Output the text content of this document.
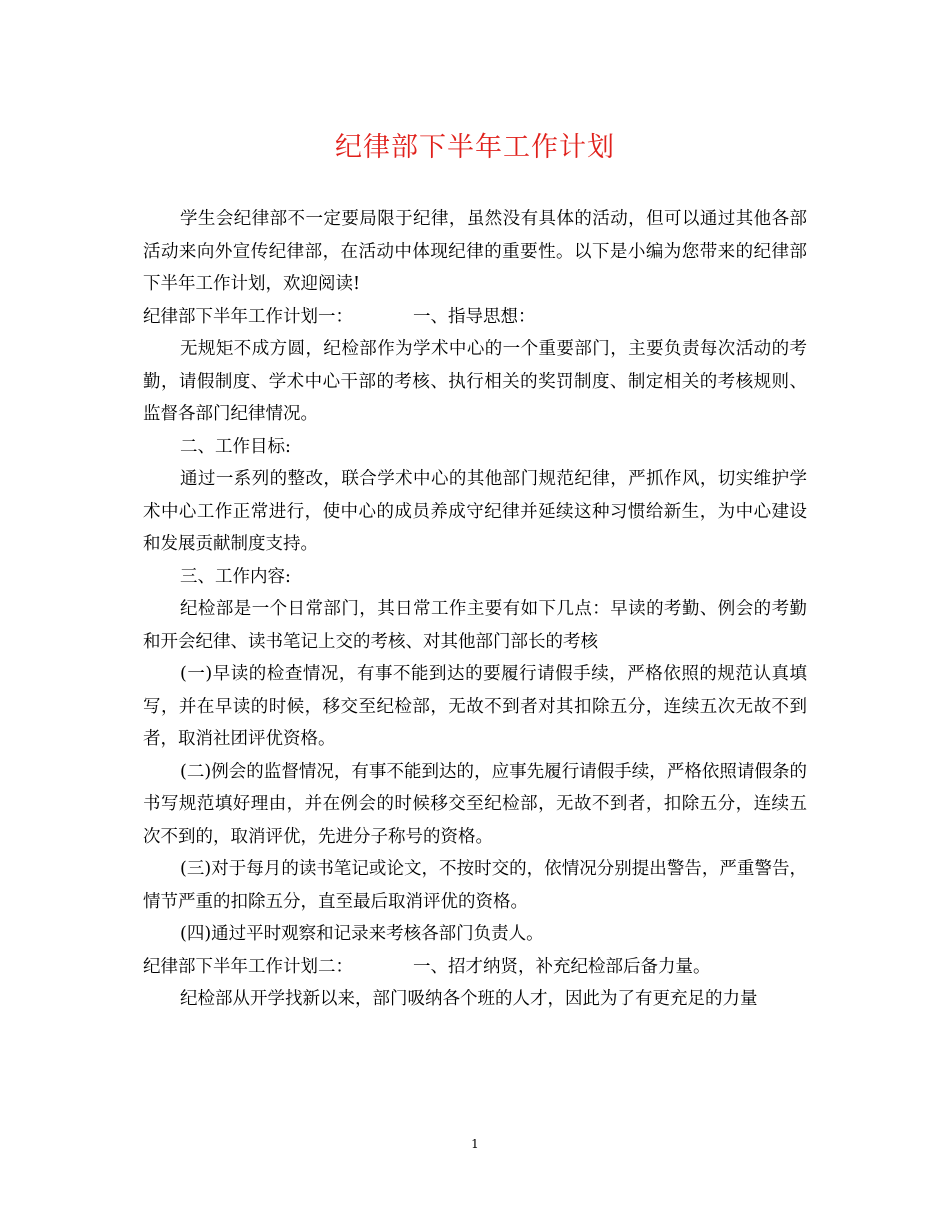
纪律部下半年工作计划

学生会纪律部不一定要局限于纪律，虽然没有具体的活动，但可以通过其他各部活动来向外宣传纪律部，在活动中体现纪律的重要性。以下是小编为您带来的纪律部下半年工作计划，欢迎阅读!

纪律部下半年工作计划一：	一、指导思想：

无规矩不成方圆，纪检部作为学术中心的一个重要部门，主要负责每次活动的考勤，请假制度、学术中心干部的考核、执行相关的奖罚制度、制定相关的考核规则、监督各部门纪律情况。

二、工作目标:

通过一系列的整改，联合学术中心的其他部门规范纪律，严抓作风，切实维护学术中心工作正常进行，使中心的成员养成守纪律并延续这种习惯给新生，为中心建设和发展贡献制度支持。

三、工作内容:

纪检部是一个日常部门，其日常工作主要有如下几点：早读的考勤、例会的考勤和开会纪律、读书笔记上交的考核、对其他部门部长的考核

(一)早读的检查情况，有事不能到达的要履行请假手续，严格依照的规范认真填写，并在早读的时候，移交至纪检部，无故不到者对其扣除五分，连续五次无故不到者，取消社团评优资格。

(二)例会的监督情况，有事不能到达的，应事先履行请假手续，严格依照请假条的书写规范填好理由，并在例会的时候移交至纪检部，无故不到者，扣除五分，连续五次不到的，取消评优，先进分子称号的资格。

(三)对于每月的读书笔记或论文，不按时交的，依情况分别提出警告，严重警告，情节严重的扣除五分，直至最后取消评优的资格。

(四)通过平时观察和记录来考核各部门负责人。

纪律部下半年工作计划二：	一、招才纳贤，补充纪检部后备力量。

纪检部从开学找新以来，部门吸纳各个班的人才，因此为了有更充足的力量

1
